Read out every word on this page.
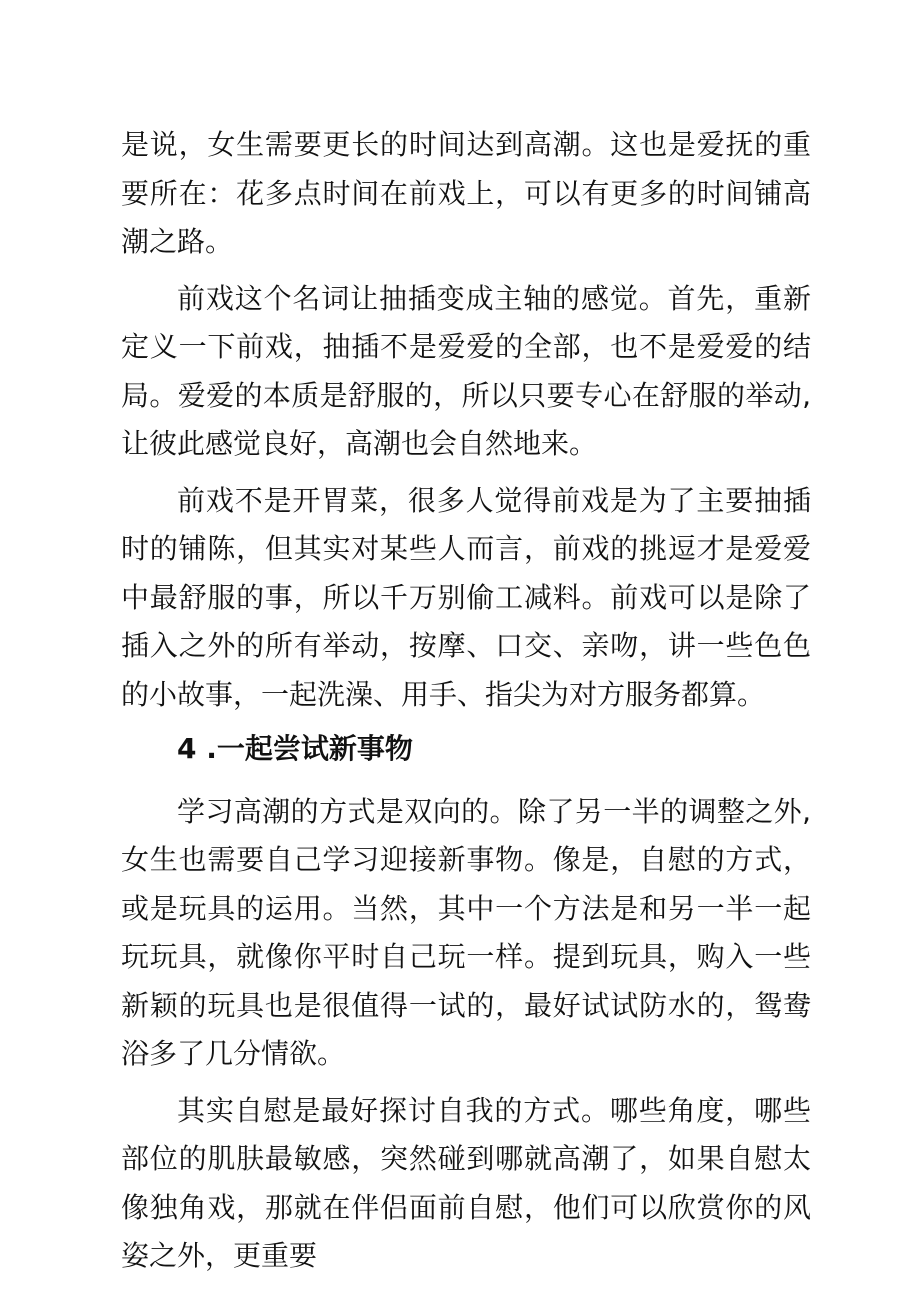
是说，女生需要更长的时间达到高潮。这也是爱抚的重要所在：花多点时间在前戏上，可以有更多的时间铺高潮之路。

前戏这个名词让抽插变成主轴的感觉。首先，重新定义一下前戏，抽插不是爱爱的全部，也不是爱爱的结局。爱爱的本质是舒服的，所以只要专心在舒服的举动,让彼此感觉良好，高潮也会自然地来。

前戏不是开胃菜，很多人觉得前戏是为了主要抽插时的铺陈，但其实对某些人而言，前戏的挑逗才是爱爱中最舒服的事，所以千万别偷工减料。前戏可以是除了插入之外的所有举动，按摩、口交、亲吻，讲一些色色的小故事，一起洗澡、用手、指尖为对方服务都算。

4 .一起尝试新事物

学习高潮的方式是双向的。除了另一半的调整之外,女生也需要自己学习迎接新事物。像是，自慰的方式，或是玩具的运用。当然，其中一个方法是和另一半一起玩玩具，就像你平时自己玩一样。提到玩具，购入一些新颖的玩具也是很值得一试的，最好试试防水的，鸳鸯浴多了几分情欲。

其实自慰是最好探讨自我的方式。哪些角度，哪些部位的肌肤最敏感，突然碰到哪就高潮了，如果自慰太像独角戏，那就在伴侣面前自慰，他们可以欣赏你的风姿之外，更重要
